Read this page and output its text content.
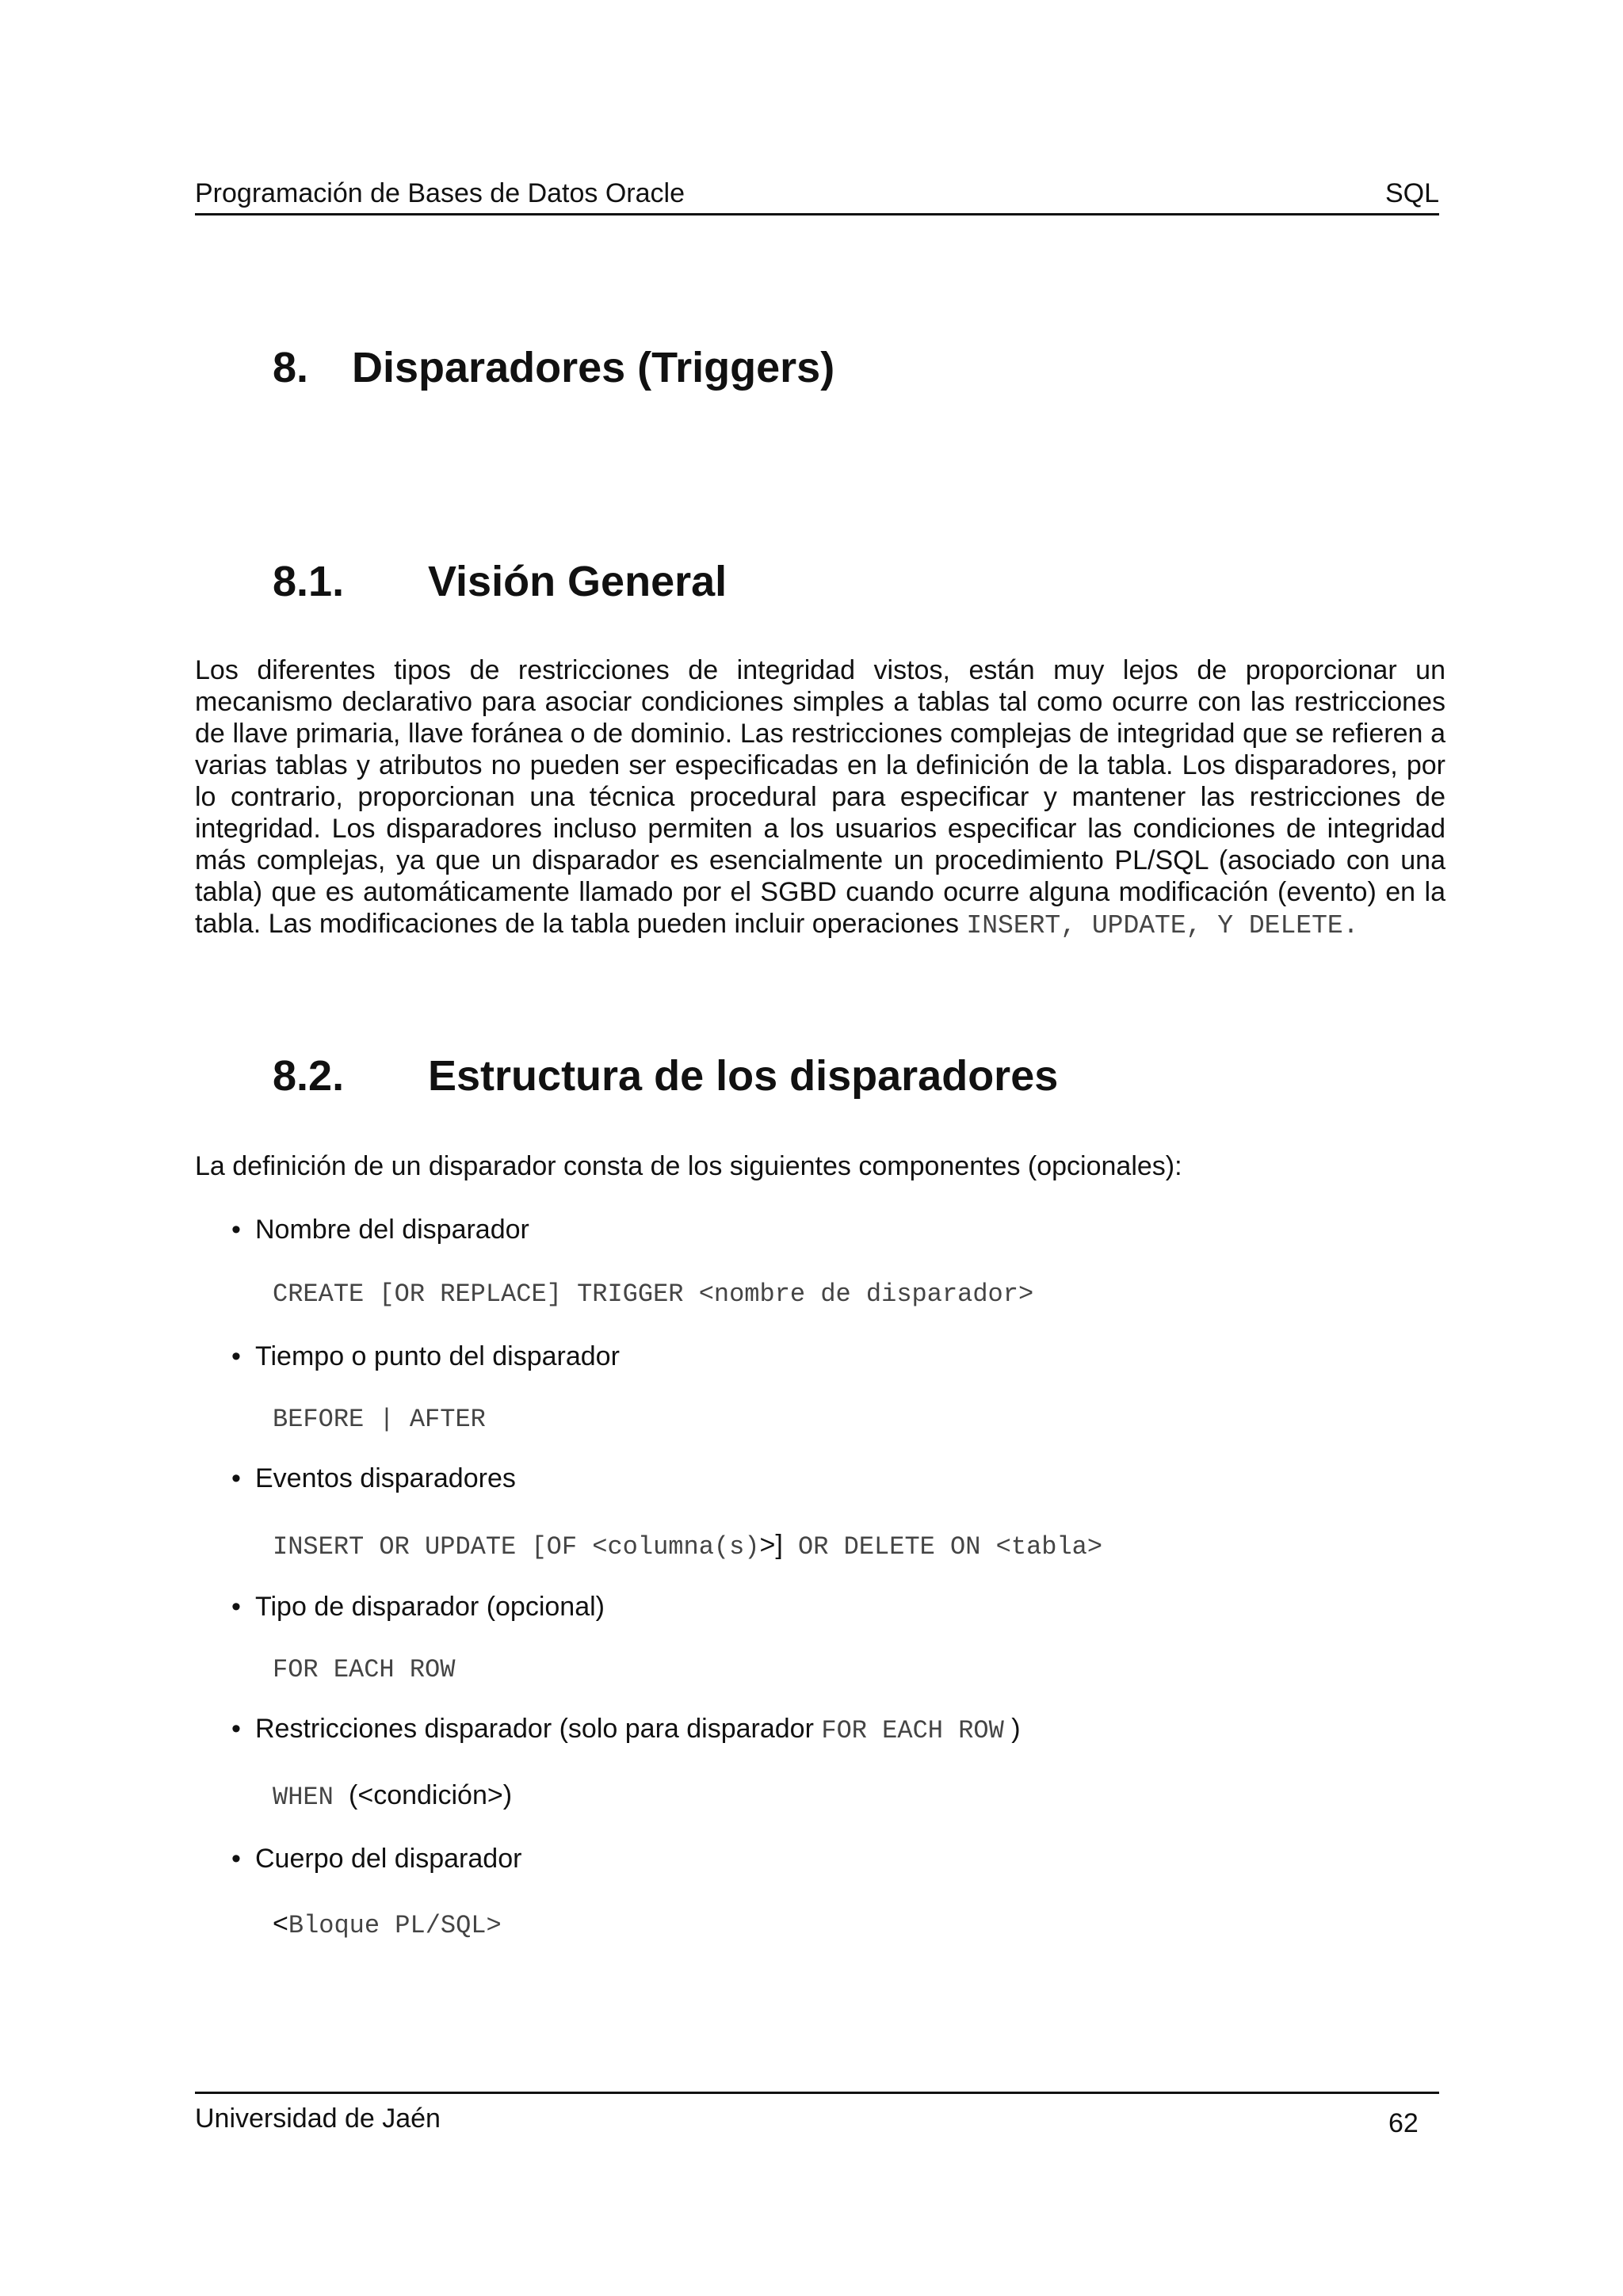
Programación de Bases de Datos Oracle	SQL
8. Disparadores (Triggers)
8.1. Visión General
Los diferentes tipos de restricciones de integridad vistos, están muy lejos de proporcionar un mecanismo declarativo para asociar condiciones simples a tablas tal como ocurre con las restricciones de llave primaria, llave foránea o de dominio. Las restricciones complejas de integridad que se refieren a varias tablas y atributos no pueden ser especificadas en la definición de la tabla. Los disparadores, por lo contrario, proporcionan una técnica procedural para especificar y mantener las restricciones de integridad. Los disparadores incluso permiten a los usuarios especificar las condiciones de integridad más complejas, ya que un disparador es esencialmente un procedimiento PL/SQL (asociado con una tabla) que es automáticamente llamado por el SGBD cuando ocurre alguna modificación (evento) en la tabla. Las modificaciones de la tabla pueden incluir operaciones INSERT, UPDATE, Y DELETE.
8.2. Estructura de los disparadores
La definición de un disparador consta de los siguientes componentes (opcionales):
• Nombre del disparador
CREATE [OR REPLACE] TRIGGER <nombre de disparador>
• Tiempo o punto del disparador
BEFORE | AFTER
• Eventos disparadores
INSERT OR UPDATE [OF <columna(s)>] OR DELETE ON <tabla>
• Tipo de disparador (opcional)
FOR EACH ROW
• Restricciones disparador (solo para disparador FOR EACH ROW )
WHEN (<condición>)
• Cuerpo del disparador
<Bloque PL/SQL>
Universidad de Jaén	62
